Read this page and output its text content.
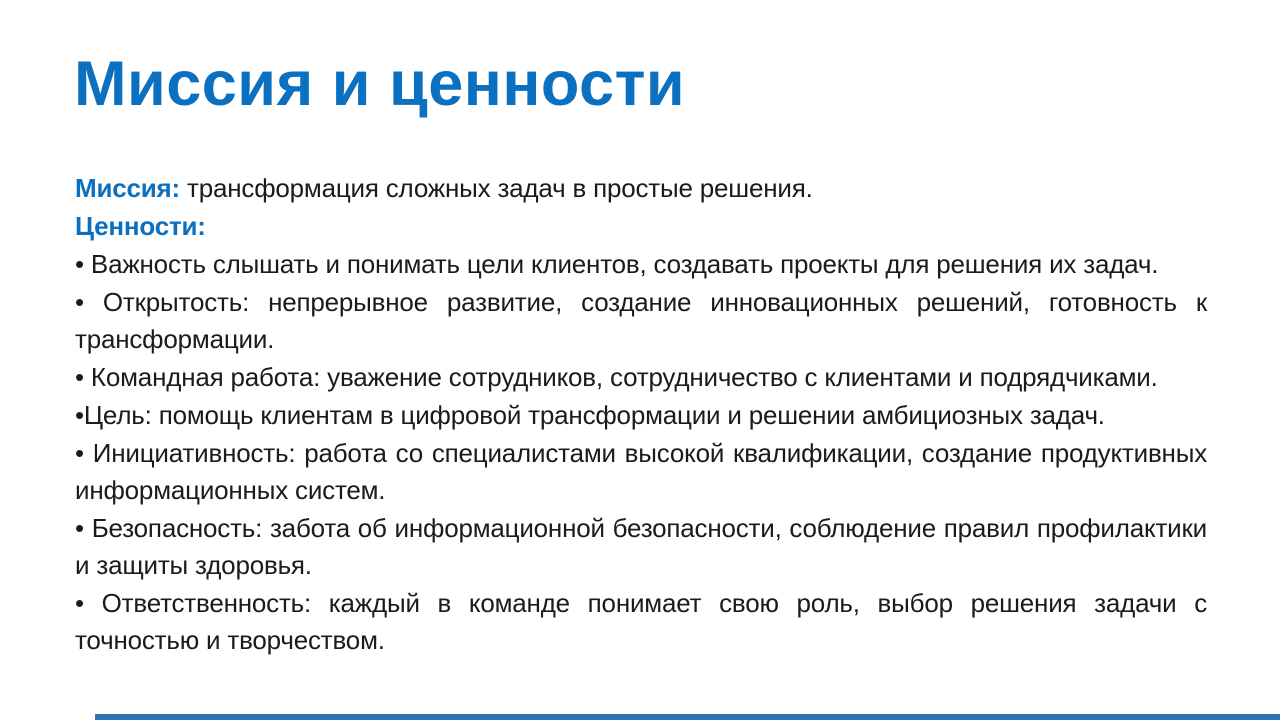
Миссия и ценности

Миссия: трансформация сложных задач в простые решения.

Ценности:

• Важность слышать и понимать цели клиентов, создавать проекты для решения их задач.

• Открытость: непрерывное развитие, создание инновационных решений, готовность к трансформации.

• Командная работа: уважение сотрудников, сотрудничество с клиентами и подрядчиками.

•Цель: помощь клиентам в цифровой трансформации и решении амбициозных задач.

• Инициативность: работа со специалистами высокой квалификации, создание продуктивных информационных систем.

• Безопасность: забота об информационной безопасности, соблюдение правил профилактики и защиты здоровья.

• Ответственность: каждый в команде понимает свою роль, выбор решения задачи с точностью и творчеством.
